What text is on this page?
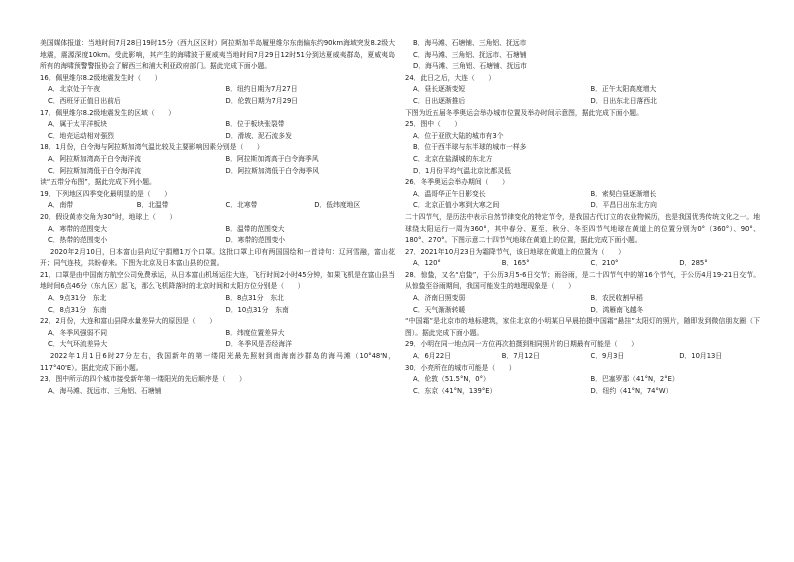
美国媒体报道：当地时间7月28日19时15分（西九区区时）阿拉斯加半岛履里维尔东南偏东约90km海域突发8.2级大地震，震源深度10km。受此影响，其产生的海啸波于夏威夷当地时间7月29日12时51分到达夏威夷群岛，夏威夷岛所有的海啸预警警报协会了解西三和浦大利亚政府部门。据此完成下面小题。

16．佩里维尔8.2级地震发生时（　　）

A．北京处于午夜	B．纽约日期为7月27日
C．西班牙正值日出前后	D．伦敦日期为7月29日

17．佩里维尔8.2级地震发生的区域（　　）

A．属于太平洋板块	B．位于板块张裂带
C．地壳运动相对强烈	D．滑坡、泥石流多发

18．1月份，白令海与阿拉斯加湾气温比较及主要影响因素分别是（　　）

A．阿拉斯加湾高于白令海洋流	B．阿拉斯加湾高于白令海季风
C．阿拉斯加湾低于白令海洋流	D．阿拉斯加湾低于白令海季风

读“五带分布图”，据此完成下列小题。

19．下列地区四季变化最明显的是（　　）

A．南带	B．北温带	C．北寒带	D．低纬度地区

20．假设黄赤交角为30°时，地球上（　　）

A．寒带的范围变大	B．温带的范围变大
C．热带的范围变小	D．寒带的范围变小

2020年2月10日，日本富山县向辽宁捐赠1万个口罩。这批口罩上印有两国国绘和一首诗句：辽河雪融，富山花开；同气连枝，共盼春来。下图为北京及日本富山县的位置。

21．口罩是由中国南方航空公司免费承运，从日本富山机场运往大连，飞行时间2小时45分钟，如果飞机是在富山县当地时间6点46分（东九区）起飞，那么飞机降落时的北京时间和太阳方位分别是（　　）

A．9点31分　东北	B．8点31分　东北
C．8点31分　东南	D．10点31分　东南

22．2月份，大连和富山县降水量差异大的原因是（　　）

A．冬季风强弱不同	B．纬度位置差异大
C．大气环流差异大	D．冬季风是否经海洋

2022年1月1日6时27分左右，我国新年的第一缕阳光最先照射到南海南沙群岛的海马滩（10°48'N，117°40'E）。据此完成下面小题。

23．图中所示的四个城市接受新年第一缕阳光的先后顺序是（　　）

A．海马滩、抚远市、三角铝、石塘铺
B．海马滩、石塘铺、三角铝、抚远市
C．海马滩、三角铝、抚远市、石塘铺
D．海马滩、三角铝、石塘铺、抚远市

24．此日之后，大连（　　）

A．昼长逐渐变短	B．正午太阳高度增大
C．日出逐渐推后	D．日出东北日落西北

下图为近五届冬季奥运会举办城市位置及举办时间示意图，据此完成下面小题。

25．图中（　　）

A．位于亚欧大陆的城市有3个
B．位于西半球与东半球的城市一样多
C．北京在盐湖城的东北方
D．1月份平均气温北京比都灵低

26．冬季奥运会举办期间（　　）

A．温哥华正午日影变长	B．索契白昼逐渐增长
C．北京正值小寒到大寒之间	D．平昌日出东北方向

二十四节气，是历法中表示自然节律变化的特定节令，是我国古代订立的农业物候历，也是我国优秀传统文化之一。地球绕太阳运行一周为360°，其中春分、夏至、秋分、冬至四节气地球在黄道上的位置分别为0°（360°）、90°、180°、270°。下图示意二十四节气地球在黄道上的位置，据此完成下面小题。

27．2021年10月23日为霜降节气，该日地球在黄道上的位置为（　　）

A．120°	B．165°	C．210°	D．285°

28．惊蛰，又名“启蛰”，于公历3月5-6日交节；雨谷雨，是二十四节气中的第16个节气，于公历4月19-21日交节。从惊蛰至谷雨期间，我国可能发生的地理现象是（　　）

A．济南日照变弱	B．农民收割早稻
C．天气渐渐转暖	D．鸿雁南飞越冬

“中国霜”是北京市的地标建筑，家住北京的小明某日早晨拍摄中国霜“悬挂”太阳灯的照片，随即发到微信朋友圈（下图）。据此完成下面小题。

29．小明在同一地点同一方位再次拍摄到相同照片的日期最有可能是（　　）

A．6月22日	B．7月12日	C．9月3日	D．10月13日

30．小亮所在的城市可能是（　　）

A．伦敦（51.5°N，0°）	B．巴塞罗那（41°N，2°E）
C．东京（41°N，139°E）	D．纽约（41°N，74°W）
